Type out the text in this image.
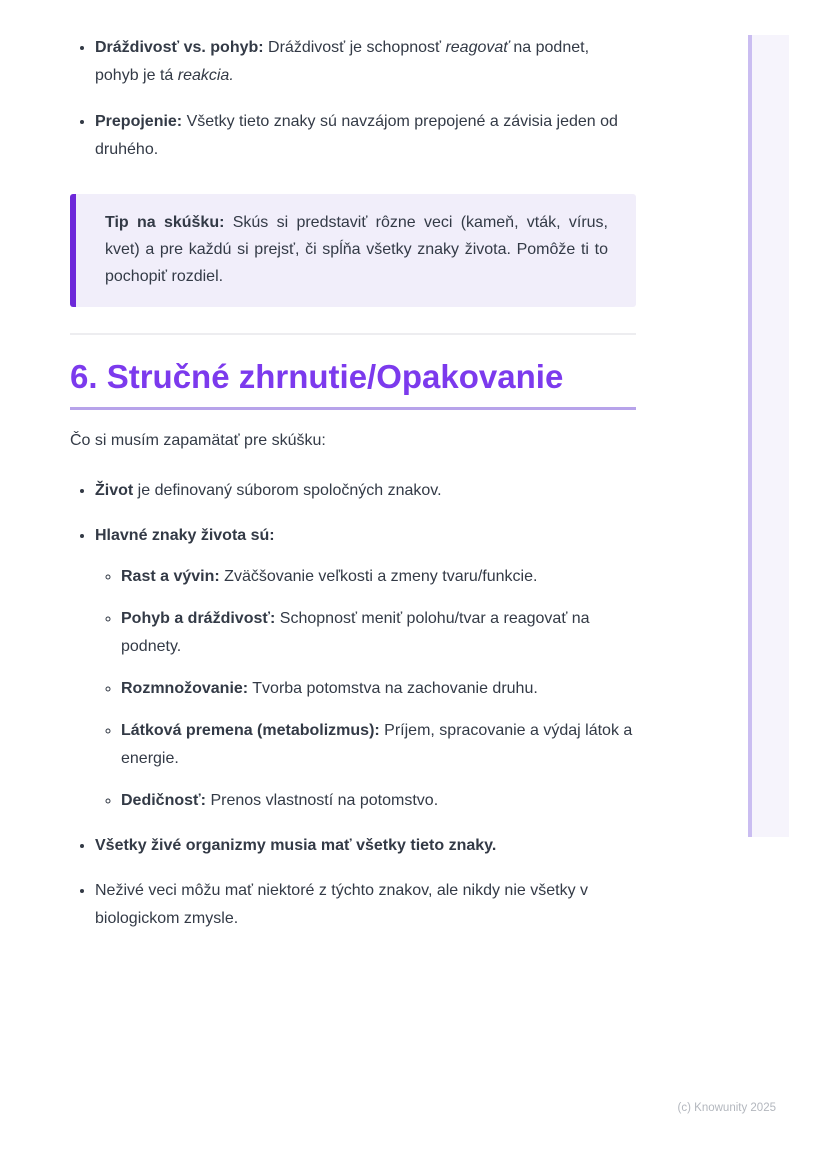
• Dráždivosť vs. pohyb: Dráždivosť je schopnosť reagovať na podnet, pohyb je tá reakcia.
• Prepojenie: Všetky tieto znaky sú navzájom prepojené a závisia jeden od druhého.
Tip na skúšku: Skús si predstaviť rôzne veci (kameň, vták, vírus, kvet) a pre každú si prejsť, či spĺňa všetky znaky života. Pomôže ti to pochopiť rozdiel.
6. Stručné zhrnutie/Opakovanie

Čo si musím zapamätať pre skúšku:

• Život je definovaný súborom spoločných znakov.
• Hlavné znaky života sú:
◦ Rast a vývin: Zväčšovanie veľkosti a zmeny tvaru/funkcie.
◦ Pohyb a dráždivosť: Schopnosť meniť polohu/tvar a reagovať na podnety.
◦ Rozmnožovanie: Tvorba potomstva na zachovanie druhu.
◦ Látková premena (metabolizmus): Príjem, spracovanie a výdaj látok a energie.
◦ Dedičnosť: Prenos vlastností na potomstvo.
• Všetky živé organizmy musia mať všetky tieto znaky.
• Neživé veci môžu mať niektoré z týchto znakov, ale nikdy nie všetky v biologickom zmysle.
(c) Knowunity 2025
